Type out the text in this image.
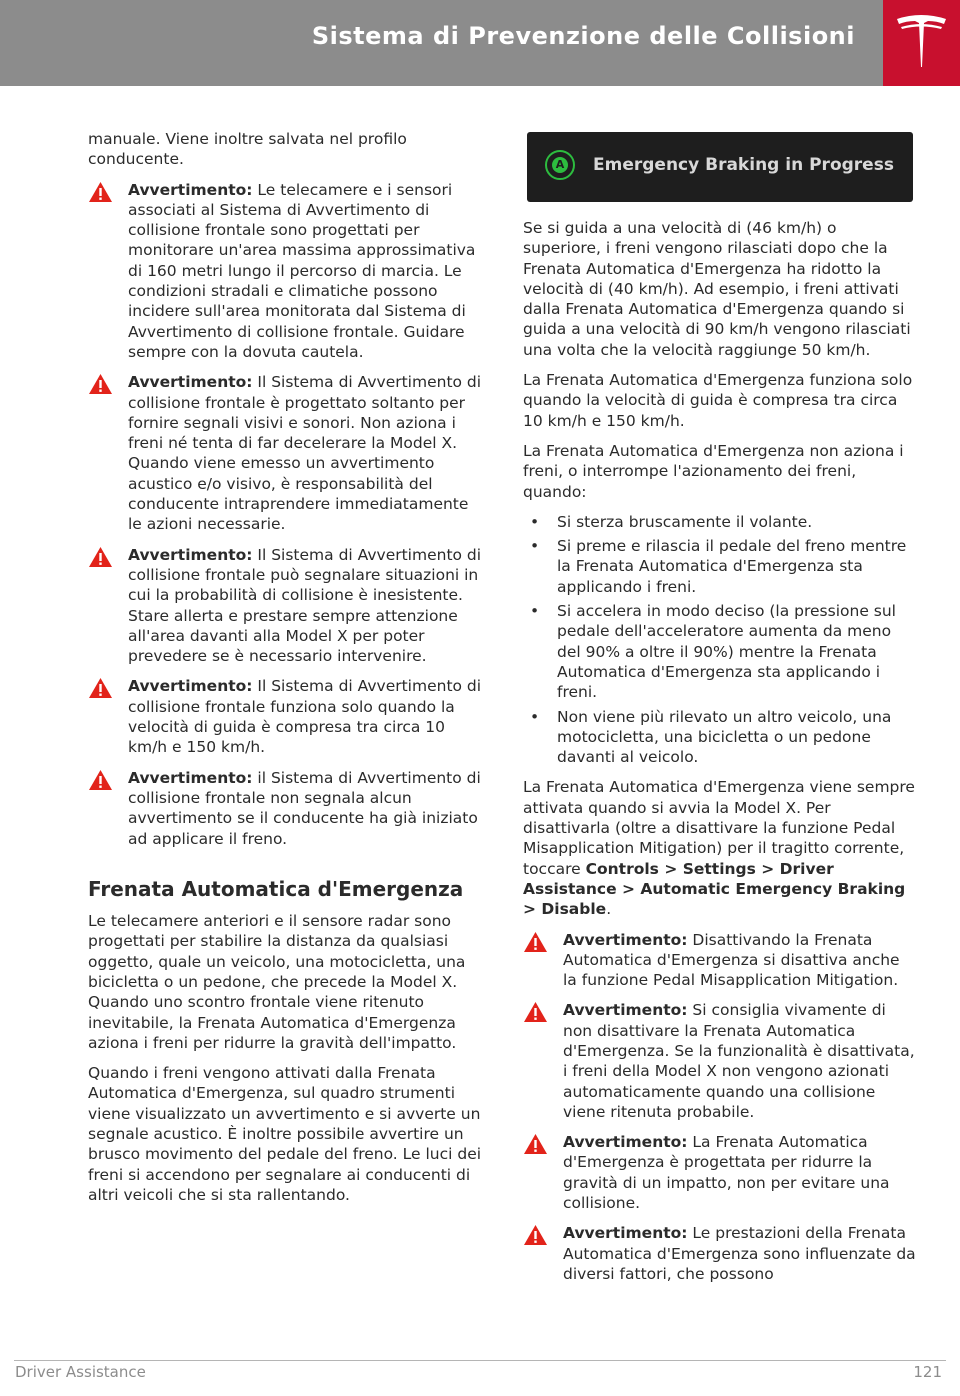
Sistema di Prevenzione delle Collisioni

manuale. Viene inoltre salvata nel profilo conducente.

Avvertimento: Le telecamere e i sensori associati al Sistema di Avvertimento di collisione frontale sono progettati per monitorare un'area massima approssimativa di 160 metri lungo il percorso di marcia. Le condizioni stradali e climatiche possono incidere sull'area monitorata dal Sistema di Avvertimento di collisione frontale. Guidare sempre con la dovuta cautela.
Avvertimento: Il Sistema di Avvertimento di collisione frontale è progettato soltanto per fornire segnali visivi e sonori. Non aziona i freni né tenta di far decelerare la Model X. Quando viene emesso un avvertimento acustico e/o visivo, è responsabilità del conducente intraprendere immediatamente le azioni necessarie.
Avvertimento: Il Sistema di Avvertimento di collisione frontale può segnalare situazioni in cui la probabilità di collisione è inesistente. Stare allerta e prestare sempre attenzione all'area davanti alla Model X per poter prevedere se è necessario intervenire.
Avvertimento: Il Sistema di Avvertimento di collisione frontale funziona solo quando la velocità di guida è compresa tra circa 10 km/h e 150 km/h.
Avvertimento: il Sistema di Avvertimento di collisione frontale non segnala alcun avvertimento se il conducente ha già iniziato ad applicare il freno.
Frenata Automatica d'Emergenza

Le telecamere anteriori e il sensore radar sono progettati per stabilire la distanza da qualsiasi oggetto, quale un veicolo, una motocicletta, una bicicletta o un pedone, che precede la Model X. Quando uno scontro frontale viene ritenuto inevitabile, la Frenata Automatica d'Emergenza aziona i freni per ridurre la gravità dell'impatto.

Quando i freni vengono attivati dalla Frenata Automatica d'Emergenza, sul quadro strumenti viene visualizzato un avvertimento e si avverte un segnale acustico. È inoltre possibile avvertire un brusco movimento del pedale del freno. Le luci dei freni si accendono per segnalare ai conducenti di altri veicoli che si sta rallentando.

A Emergency Braking in Progress

Se si guida a una velocità di (46 km/h) o superiore, i freni vengono rilasciati dopo che la Frenata Automatica d'Emergenza ha ridotto la velocità di (40 km/h). Ad esempio, i freni attivati dalla Frenata Automatica d'Emergenza quando si guida a una velocità di 90 km/h vengono rilasciati una volta che la velocità raggiunge 50 km/h.

La Frenata Automatica d'Emergenza funziona solo quando la velocità di guida è compresa tra circa 10 km/h e 150 km/h.

La Frenata Automatica d'Emergenza non aziona i freni, o interrompe l'azionamento dei freni, quando:

• Si sterza bruscamente il volante.
• Si preme e rilascia il pedale del freno mentre la Frenata Automatica d'Emergenza sta applicando i freni.
• Si accelera in modo deciso (la pressione sul pedale dell'acceleratore aumenta da meno del 90% a oltre il 90%) mentre la Frenata Automatica d'Emergenza sta applicando i freni.
• Non viene più rilevato un altro veicolo, una motocicletta, una bicicletta o un pedone davanti al veicolo.

La Frenata Automatica d'Emergenza viene sempre attivata quando si avvia la Model X. Per disattivarla (oltre a disattivare la funzione Pedal Misapplication Mitigation) per il tragitto corrente, toccare Controls > Settings > Driver Assistance > Automatic Emergency Braking > Disable.

Avvertimento: Disattivando la Frenata Automatica d'Emergenza si disattiva anche la funzione Pedal Misapplication Mitigation.
Avvertimento: Si consiglia vivamente di non disattivare la Frenata Automatica d'Emergenza. Se la funzionalità è disattivata, i freni della Model X non vengono azionati automaticamente quando una collisione viene ritenuta probabile.
Avvertimento: La Frenata Automatica d'Emergenza è progettata per ridurre la gravità di un impatto, non per evitare una collisione.
Avvertimento: Le prestazioni della Frenata Automatica d'Emergenza sono influenzate da diversi fattori, che possono
Driver Assistance	121
